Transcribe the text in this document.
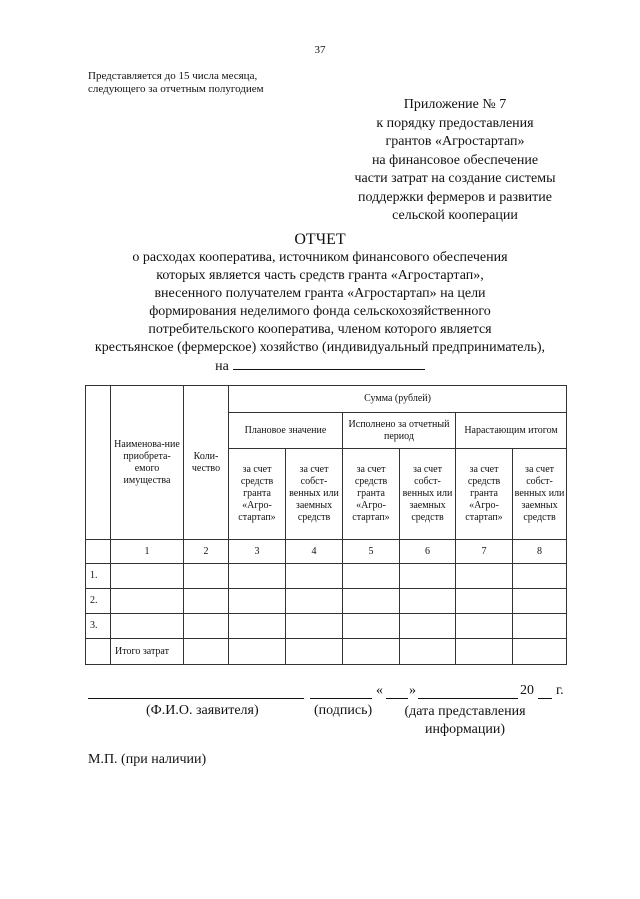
37
Представляется до 15 числа месяца,
следующего за отчетным полугодием
Приложение № 7
к порядку предоставления
грантов «Агростартап»
на финансовое обеспечение
части затрат на создание системы
поддержки фермеров и развитие
сельской кооперации
ОТЧЕТ
о расходах кооператива, источником финансового обеспечения
которых является часть средств гранта «Агростартап»,
внесенного получателем гранта «Агростартап» на цели
формирования неделимого фонда сельскохозяйственного
потребительского кооператива, членом которого является
крестьянское (фермерское) хозяйство (индивидуальный предприниматель),
на
	Наименова-ние приобрета-емого имущества	Коли-чество	Сумма (рублей)					
			Плановое значение		Исполнено за отчетный период		Нарастающим итогом	
			за счет средств гранта «Агро-стартап»	за счет собст-венных или заемных средств	за счет средств гранта «Агро-стартап»	за счет собст-венных или заемных средств	за счет средств гранта «Агро-стартап»	за счет собст-венных или заемных средств
	1	2	3	4	5	6	7	8
1.								
2.								
3.								
	Итого затрат							
« »	20 г.
(Ф.И.О. заявителя)	(подпись)	(дата представления
информации)
М.П. (при наличии)
